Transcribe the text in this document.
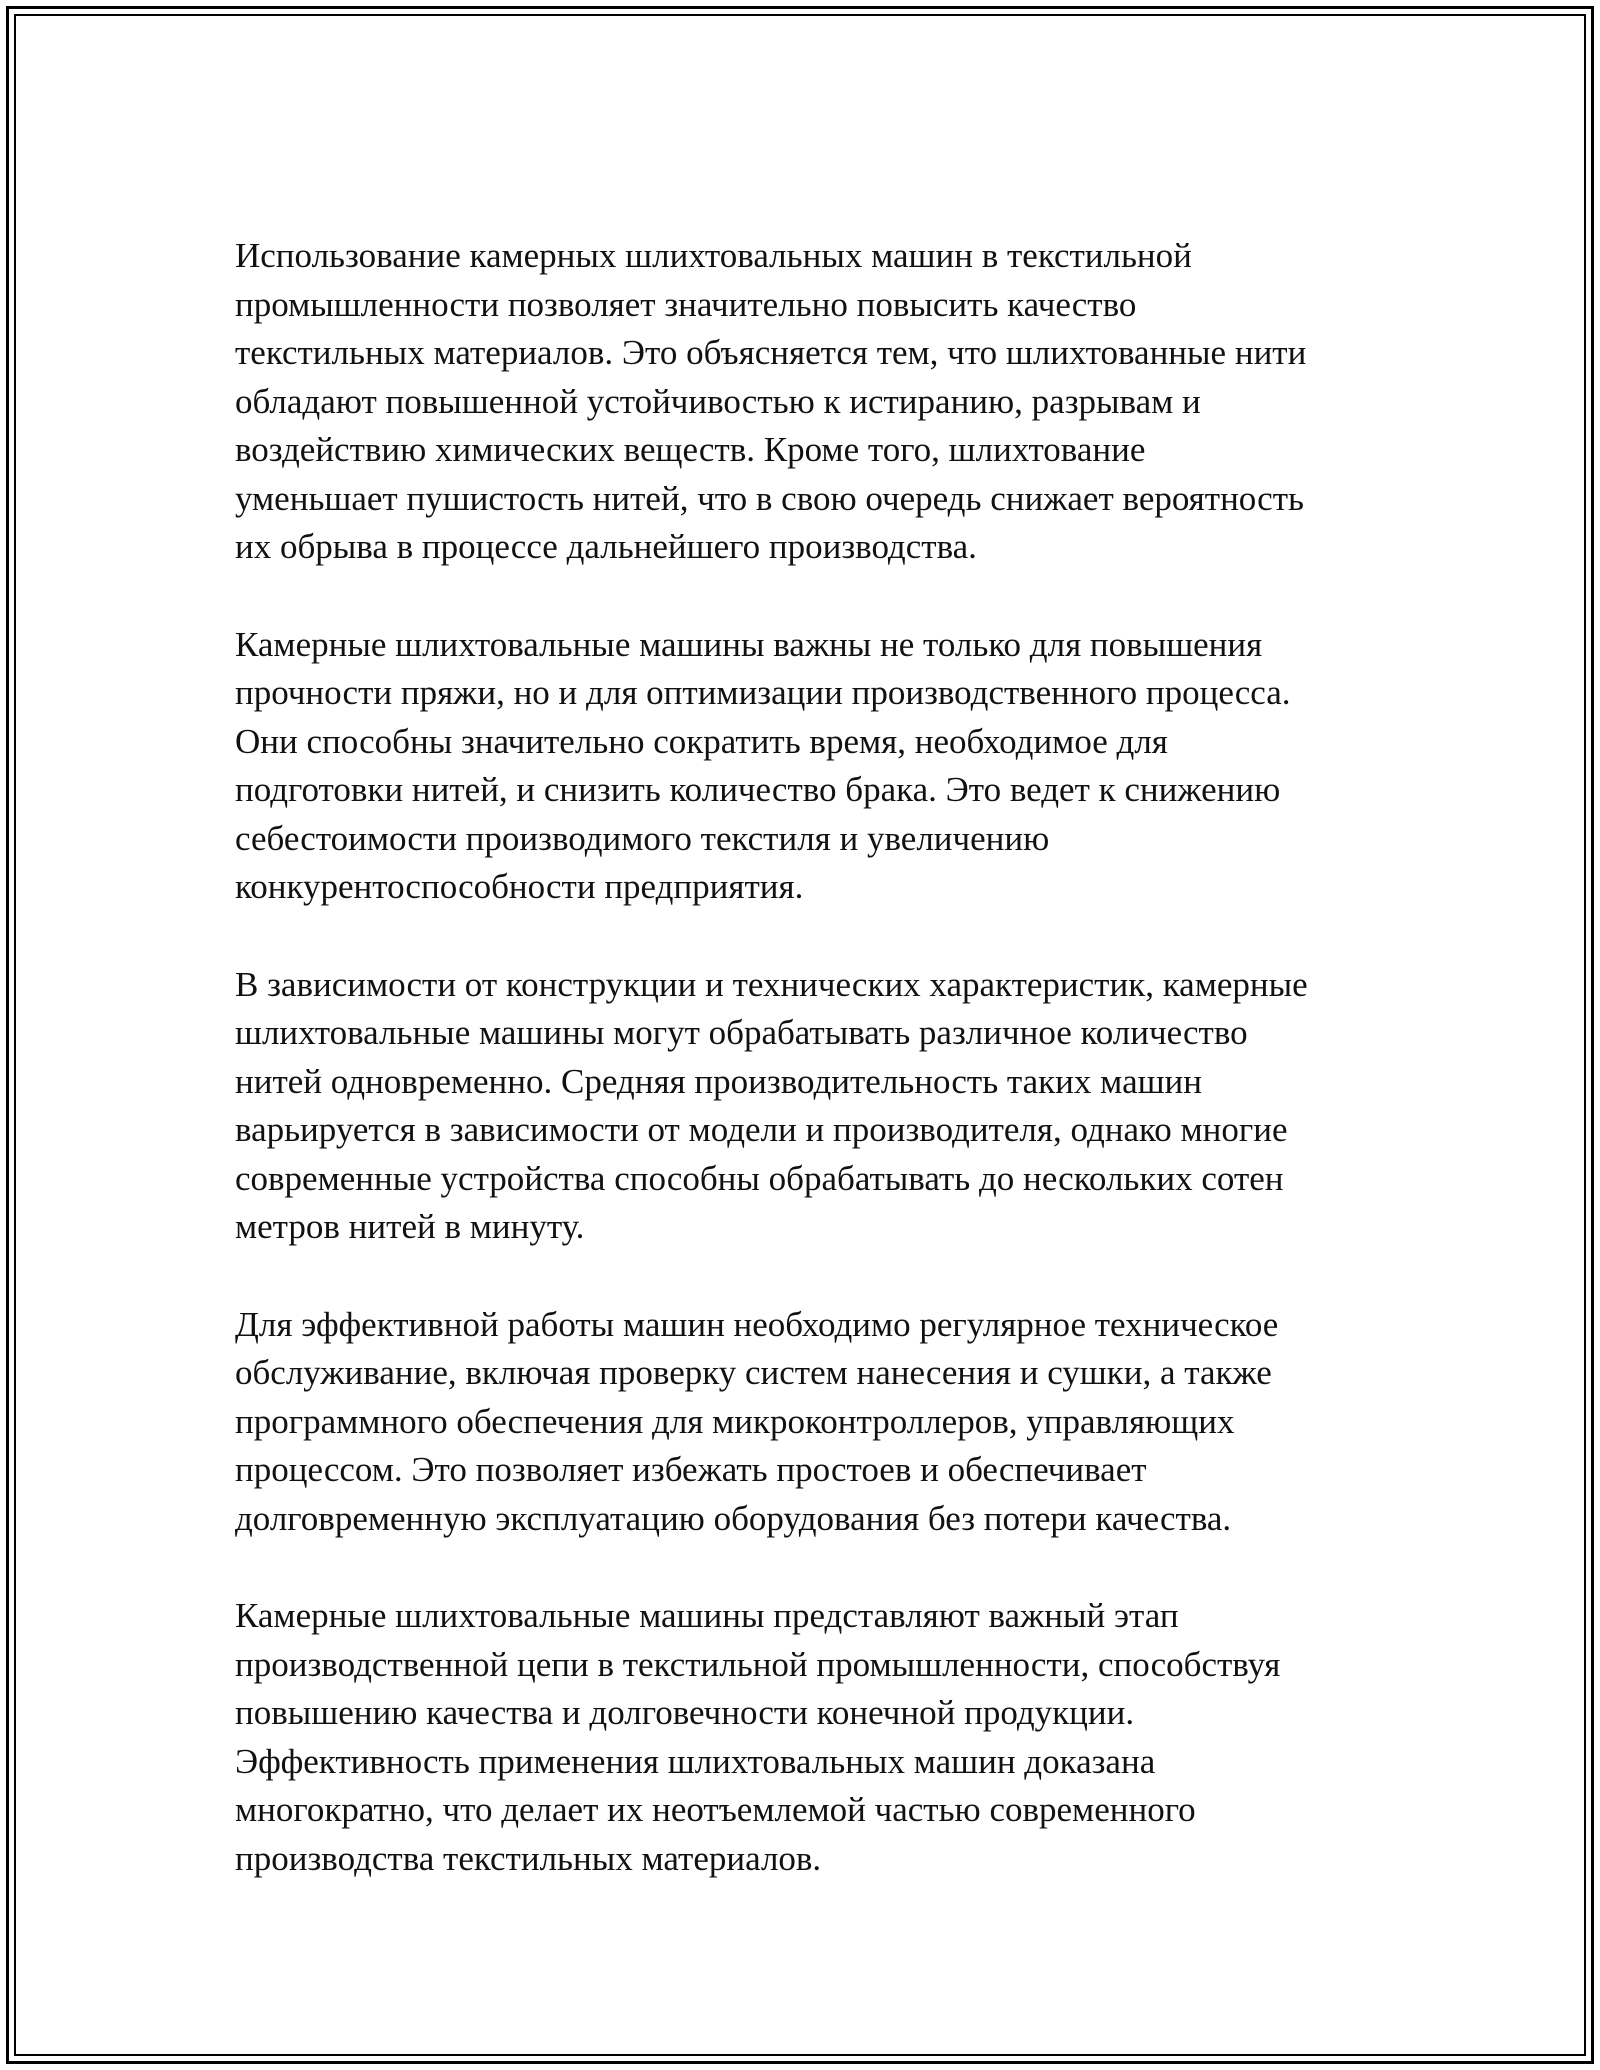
Использование камерных шлихтовальных машин в текстильной
промышленности позволяет значительно повысить качество
текстильных материалов. Это объясняется тем, что шлихтованные нити
обладают повышенной устойчивостью к истиранию, разрывам и
воздействию химических веществ. Кроме того, шлихтование
уменьшает пушистость нитей, что в свою очередь снижает вероятность
их обрыва в процессе дальнейшего производства.

Камерные шлихтовальные машины важны не только для повышения
прочности пряжи, но и для оптимизации производственного процесса.
Они способны значительно сократить время, необходимое для
подготовки нитей, и снизить количество брака. Это ведет к снижению
себестоимости производимого текстиля и увеличению
конкурентоспособности предприятия.

В зависимости от конструкции и технических характеристик, камерные
шлихтовальные машины могут обрабатывать различное количество
нитей одновременно. Средняя производительность таких машин
варьируется в зависимости от модели и производителя, однако многие
современные устройства способны обрабатывать до нескольких сотен
метров нитей в минуту.

Для эффективной работы машин необходимо регулярное техническое
обслуживание, включая проверку систем нанесения и сушки, а также
программного обеспечения для микроконтроллеров, управляющих
процессом. Это позволяет избежать простоев и обеспечивает
долговременную эксплуатацию оборудования без потери качества.

Камерные шлихтовальные машины представляют важный этап
производственной цепи в текстильной промышленности, способствуя
повышению качества и долговечности конечной продукции.
Эффективность применения шлихтовальных машин доказана
многократно, что делает их неотъемлемой частью современного
производства текстильных материалов.
